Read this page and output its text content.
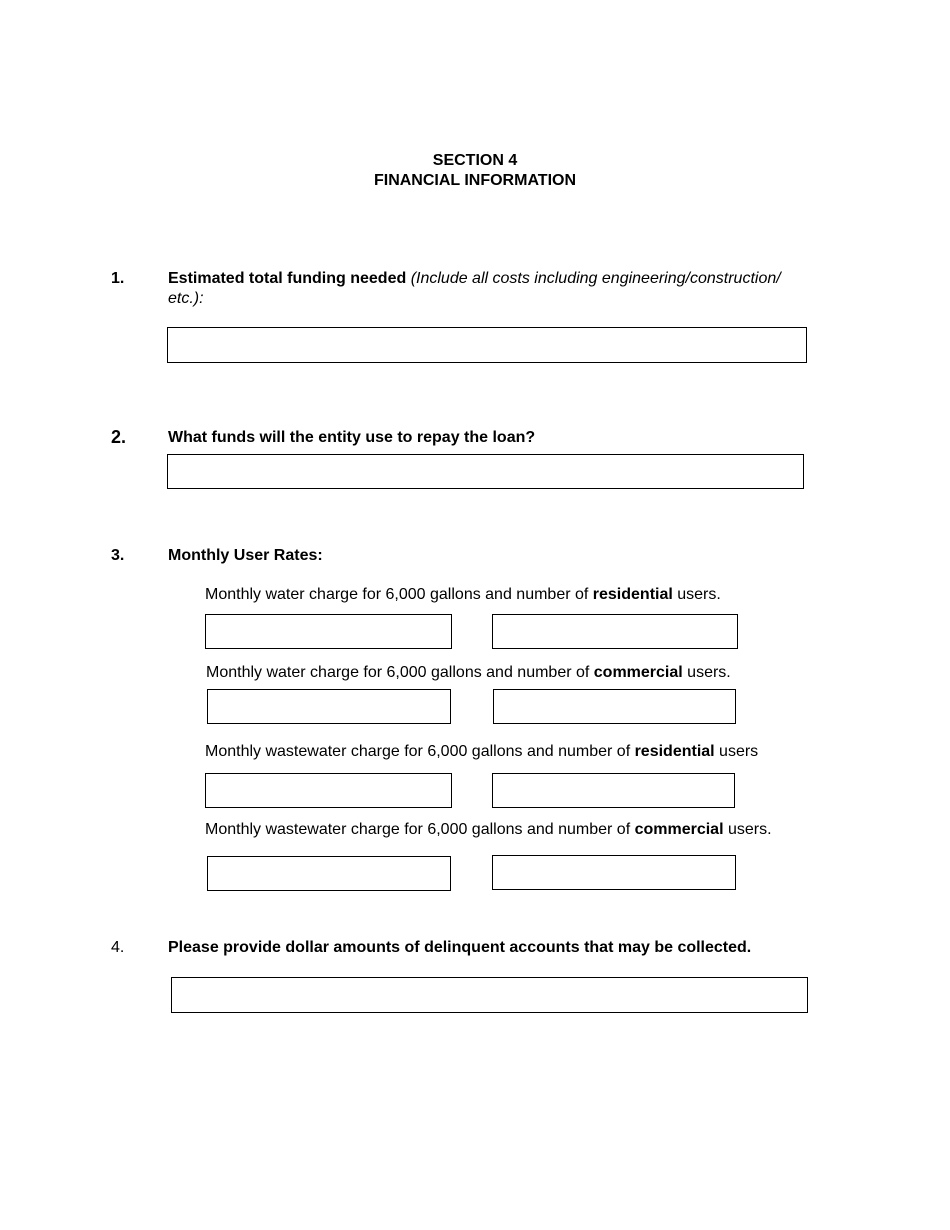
SECTION 4
FINANCIAL INFORMATION
1.	Estimated total funding needed (Include all costs including engineering/construction/
etc.):
2.	What funds will the entity use to repay the loan?
3.	Monthly User Rates:
Monthly water charge for 6,000 gallons and number of residential users.
Monthly water charge for 6,000 gallons and number of commercial users.
Monthly wastewater charge for 6,000 gallons and number of residential users
Monthly wastewater charge for 6,000 gallons and number of commercial users.
4.	Please provide dollar amounts of delinquent accounts that may be collected.
